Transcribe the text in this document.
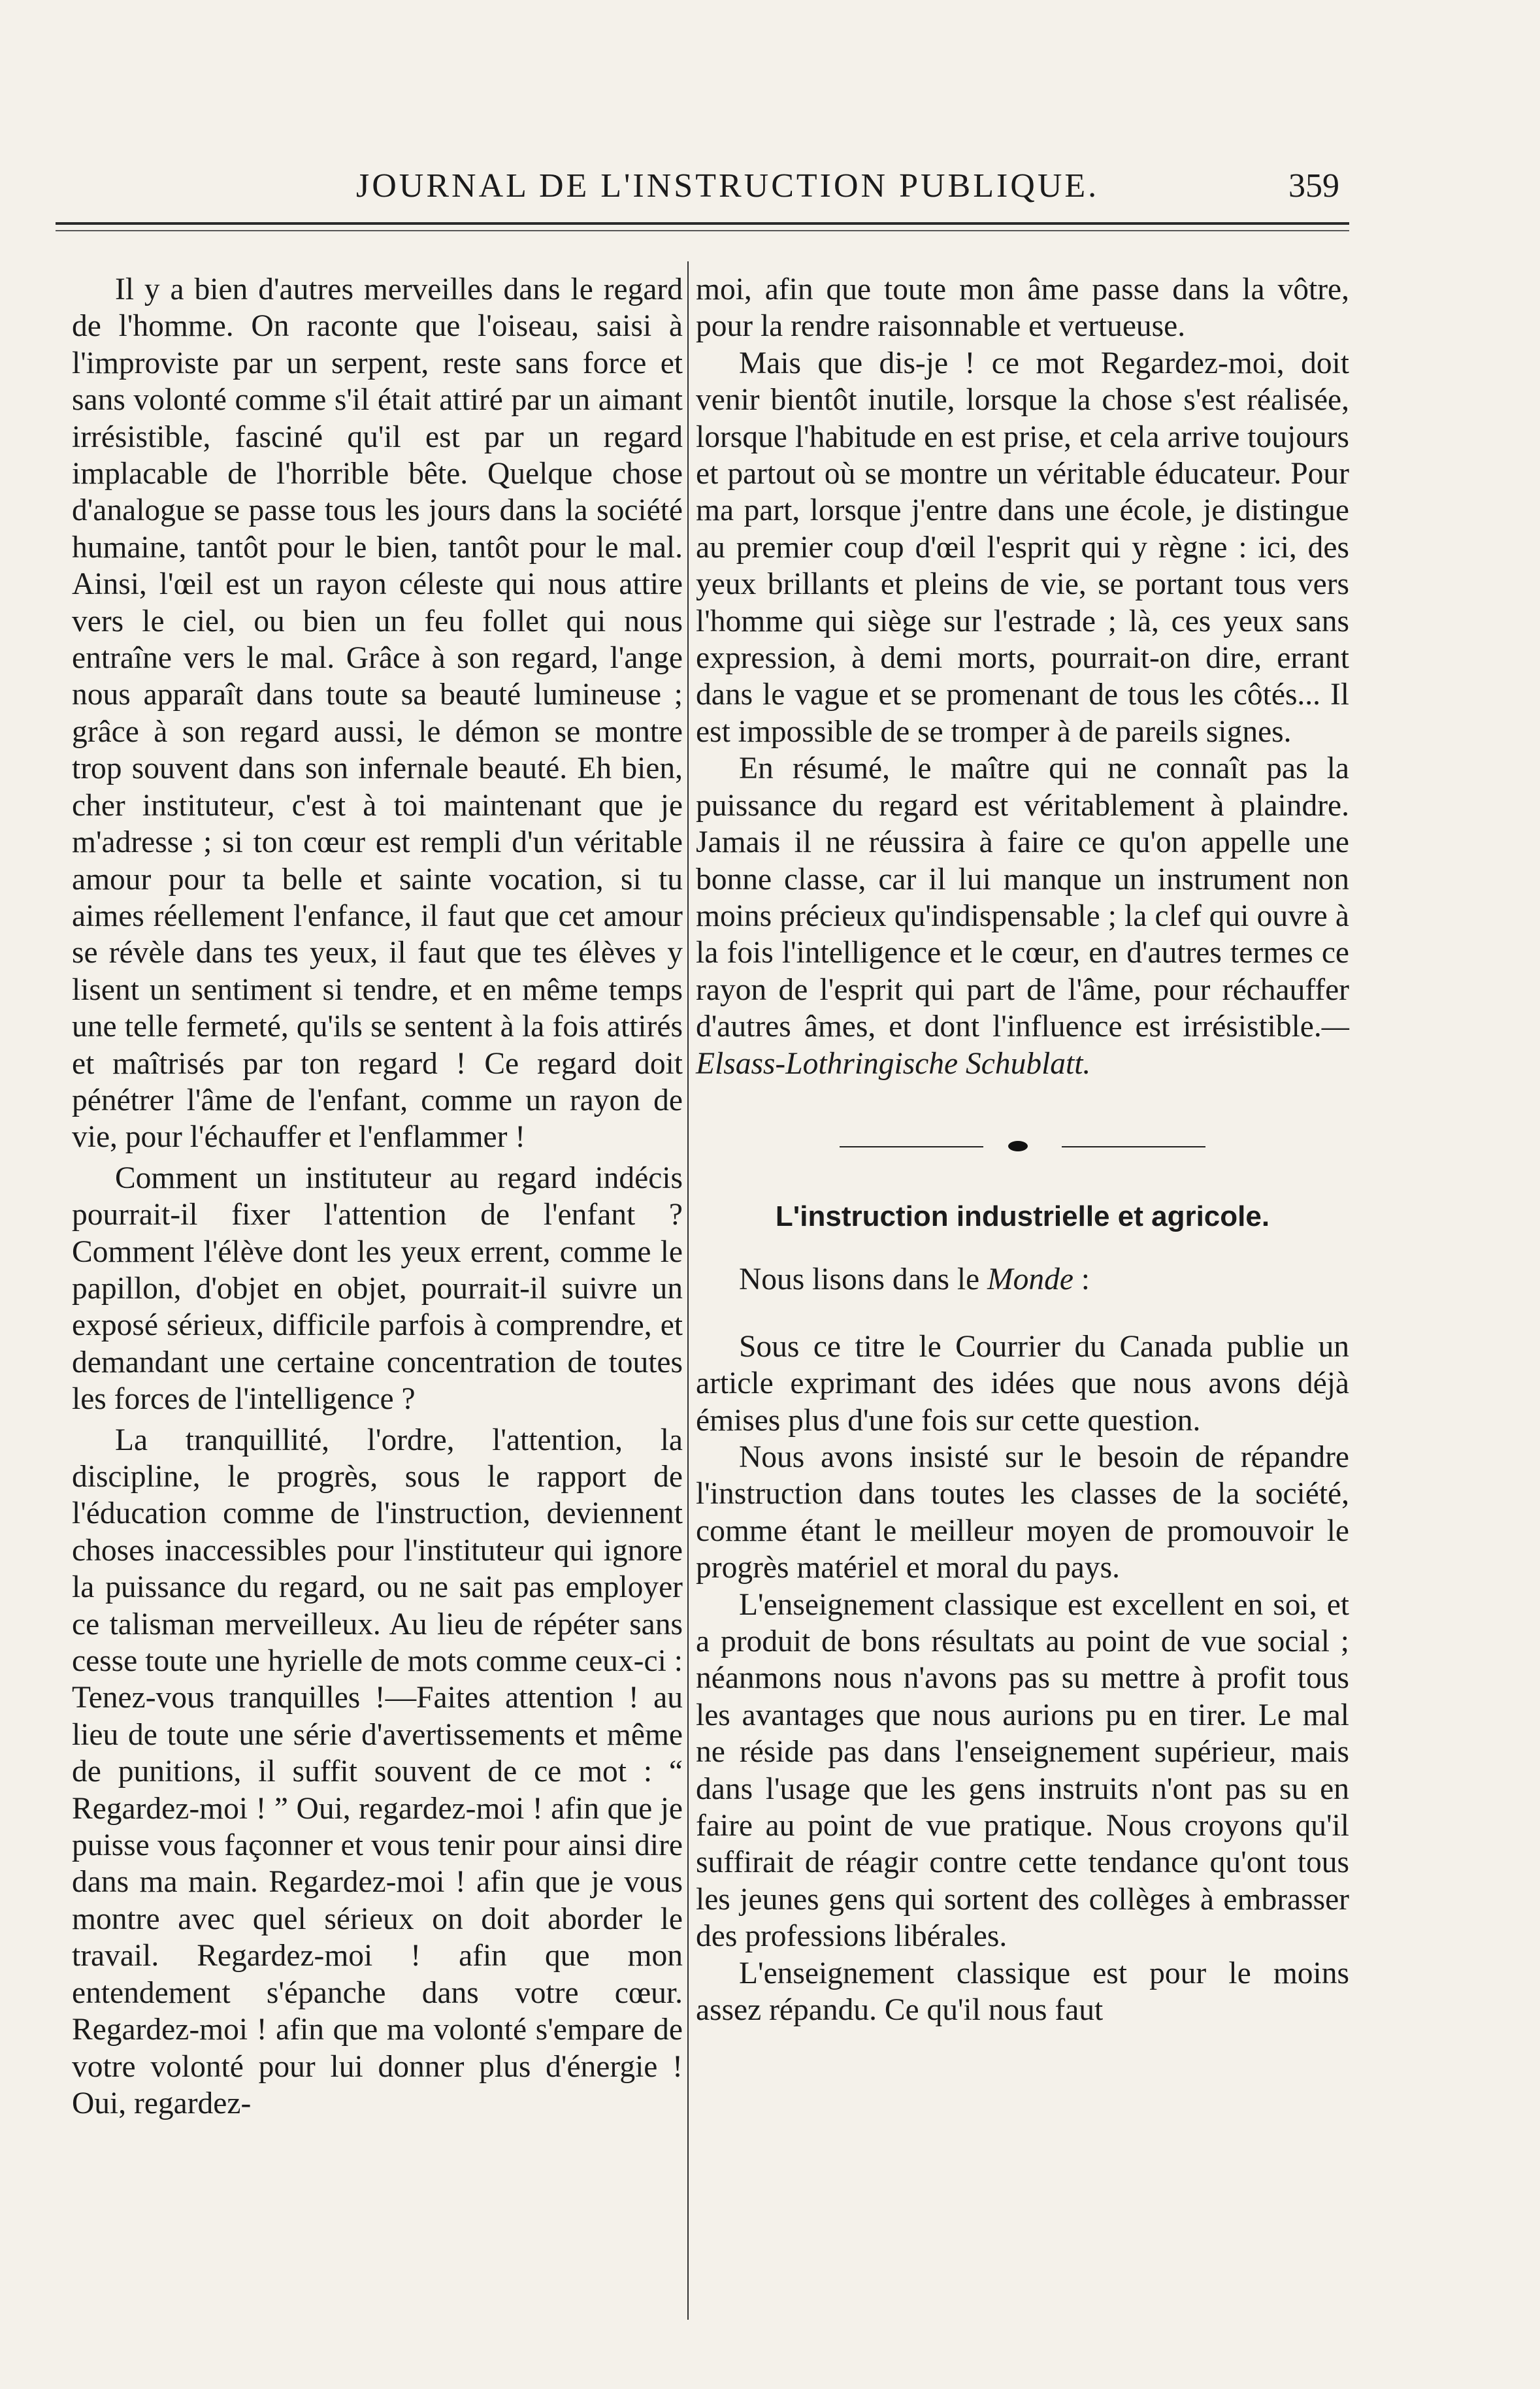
JOURNAL DE L'INSTRUCTION PUBLIQUE.	359

Il y a bien d'autres merveilles dans le regard de l'homme. On raconte que l'oiseau, saisi à l'improviste par un serpent, reste sans force et sans volonté comme s'il était attiré par un aimant irrésistible, fasciné qu'il est par un regard implacable de l'horrible bête. Quelque chose d'analogue se passe tous les jours dans la société humaine, tantôt pour le bien, tantôt pour le mal. Ainsi, l'œil est un rayon céleste qui nous attire vers le ciel, ou bien un feu follet qui nous entraîne vers le mal. Grâce à son regard, l'ange nous apparaît dans toute sa beauté lumineuse ; grâce à son regard aussi, le démon se montre trop souvent dans son infernale beauté. Eh bien, cher instituteur, c'est à toi maintenant que je m'adresse ; si ton cœur est rempli d'un véritable amour pour ta belle et sainte vocation, si tu aimes réellement l'enfance, il faut que cet amour se révèle dans tes yeux, il faut que tes élèves y lisent un sentiment si tendre, et en même temps une telle fermeté, qu'ils se sentent à la fois attirés et maîtrisés par ton regard ! Ce regard doit pénétrer l'âme de l'enfant, comme un rayon de vie, pour l'échauffer et l'enflammer !

Comment un instituteur au regard indécis pourrait-il fixer l'attention de l'enfant ? Comment l'élève dont les yeux errent, comme le papillon, d'objet en objet, pourrait-il suivre un exposé sérieux, difficile parfois à comprendre, et demandant une certaine concentration de toutes les forces de l'intelligence ?

La tranquillité, l'ordre, l'attention, la discipline, le progrès, sous le rapport de l'éducation comme de l'instruction, deviennent choses inaccessibles pour l'instituteur qui ignore la puissance du regard, ou ne sait pas employer ce talisman merveilleux. Au lieu de répéter sans cesse toute une hyrielle de mots comme ceux-ci : Tenez-vous tranquilles !—Faites attention ! au lieu de toute une série d'avertissements et même de punitions, il suffit souvent de ce mot : “ Regardez-moi ! ” Oui, regardez-moi ! afin que je puisse vous façonner et vous tenir pour ainsi dire dans ma main. Regardez-moi ! afin que je vous montre avec quel sérieux on doit aborder le travail. Regardez-moi ! afin que mon entendement s'épanche dans votre cœur. Regardez-moi ! afin que ma volonté s'empare de votre volonté pour lui donner plus d'énergie ! Oui, regardez-

moi, afin que toute mon âme passe dans la vôtre, pour la rendre raisonnable et vertueuse.

Mais que dis-je ! ce mot Regardez-moi, doit venir bientôt inutile, lorsque la chose s'est réalisée, lorsque l'habitude en est prise, et cela arrive toujours et partout où se montre un véritable éducateur. Pour ma part, lorsque j'entre dans une école, je distingue au premier coup d'œil l'esprit qui y règne : ici, des yeux brillants et pleins de vie, se portant tous vers l'homme qui siège sur l'estrade ; là, ces yeux sans expression, à demi morts, pourrait-on dire, errant dans le vague et se promenant de tous les côtés... Il est impossible de se tromper à de pareils signes.

En résumé, le maître qui ne connaît pas la puissance du regard est véritablement à plaindre. Jamais il ne réussira à faire ce qu'on appelle une bonne classe, car il lui manque un instrument non moins précieux qu'indispensable ; la clef qui ouvre à la fois l'intelligence et le cœur, en d'autres termes ce rayon de l'esprit qui part de l'âme, pour réchauffer d'autres âmes, et dont l'influence est irrésistible.—Elsass-Lothringische Schublatt.

L'instruction industrielle et agricole.

Nous lisons dans le Monde :

Sous ce titre le Courrier du Canada publie un article exprimant des idées que nous avons déjà émises plus d'une fois sur cette question.

Nous avons insisté sur le besoin de répandre l'instruction dans toutes les classes de la société, comme étant le meilleur moyen de promouvoir le progrès matériel et moral du pays.

L'enseignement classique est excellent en soi, et a produit de bons résultats au point de vue social ; néanmons nous n'avons pas su mettre à profit tous les avantages que nous aurions pu en tirer. Le mal ne réside pas dans l'enseignement supérieur, mais dans l'usage que les gens instruits n'ont pas su en faire au point de vue pratique. Nous croyons qu'il suffirait de réagir contre cette tendance qu'ont tous les jeunes gens qui sortent des collèges à embrasser des professions libérales.

L'enseignement classique est pour le moins assez répandu. Ce qu'il nous faut
